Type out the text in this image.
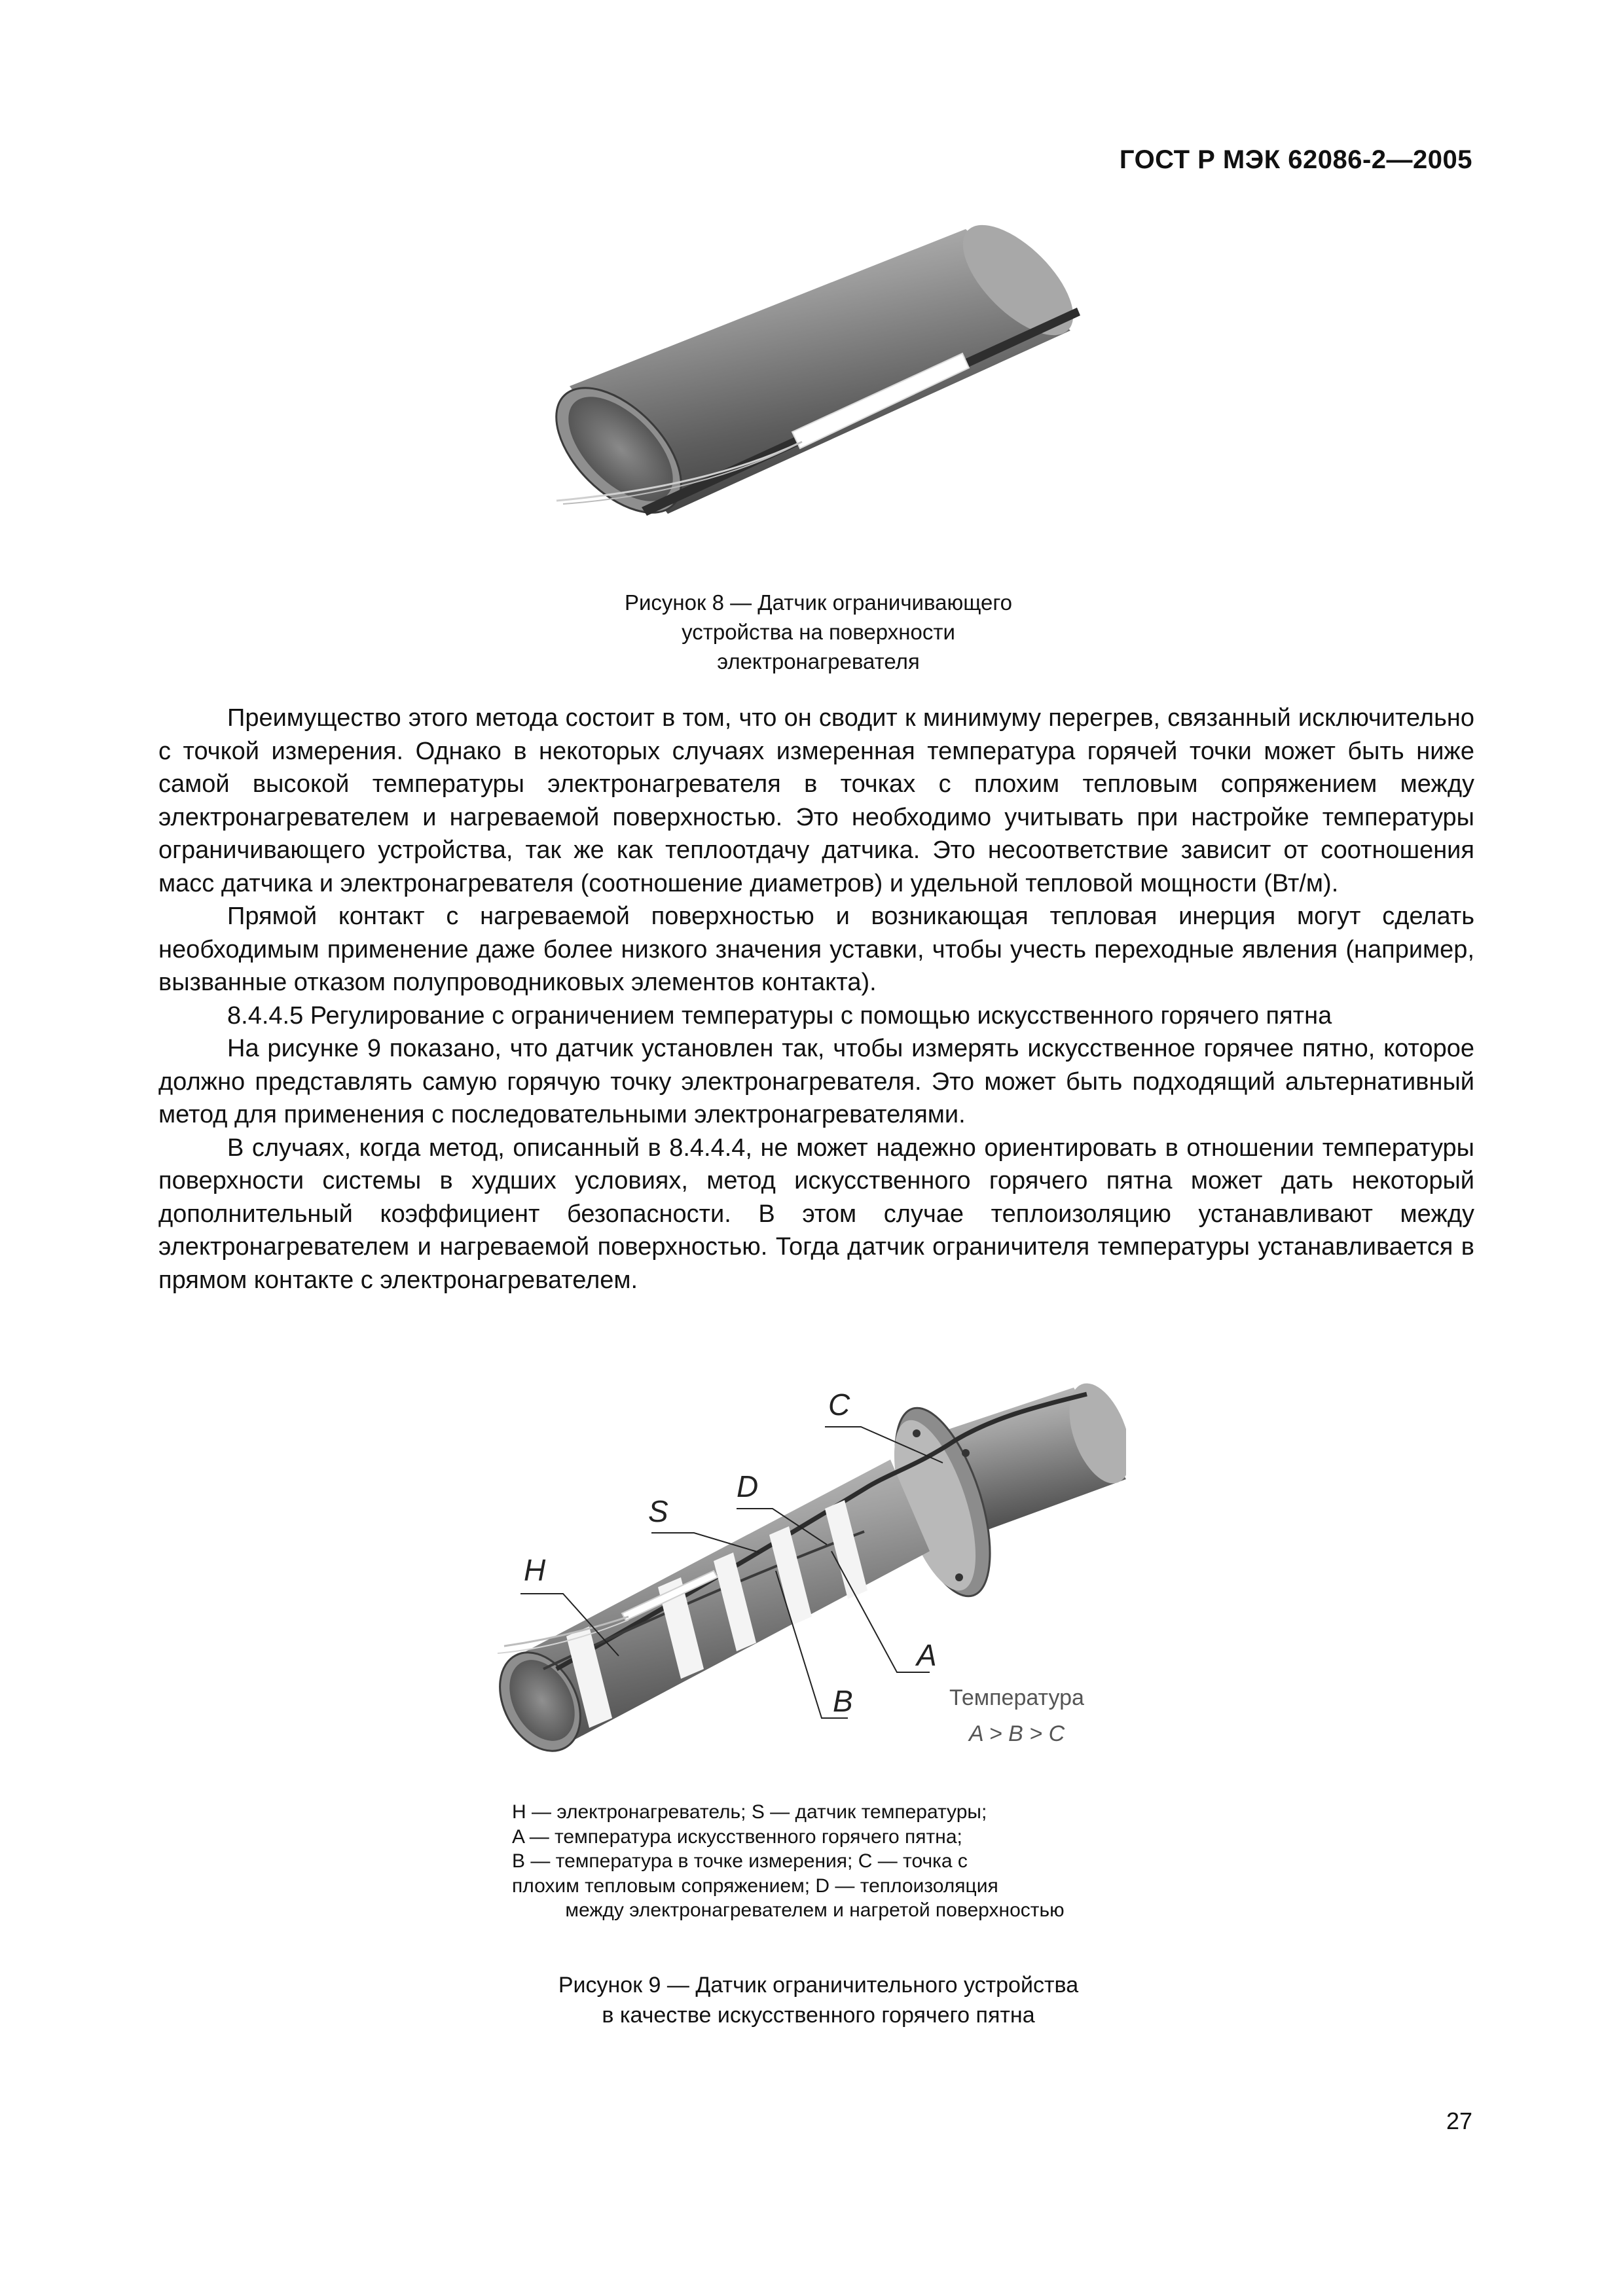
ГОСТ Р МЭК 62086-2—2005
Рисунок 8 — Датчик ограничивающего
устройства на поверхности
электронагревателя

Преимущество этого метода состоит в том, что он сводит к минимуму перегрев, связанный исключительно с точкой измерения. Однако в некоторых случаях измеренная температура горячей точки может быть ниже самой высокой температуры электронагревателя в точках с плохим тепловым сопряжением между электронагревателем и нагреваемой поверхностью. Это необходимо учитывать при настройке температуры ограничивающего устройства, так же как теплоотдачу датчика. Это несоответствие зависит от соотношения масс датчика и электронагревателя (соотношение диаметров) и удельной тепловой мощности (Вт/м).

Прямой контакт с нагреваемой поверхностью и возникающая тепловая инерция могут сделать необходимым применение даже более низкого значения уставки, чтобы учесть переходные явления (например, вызванные отказом полупроводниковых элементов контакта).

8.4.4.5 Регулирование с ограничением температуры с помощью искусственного горячего пятна

На рисунке 9 показано, что датчик установлен так, чтобы измерять искусственное горячее пятно, которое должно представлять самую горячую точку электронагревателя. Это может быть подходящий альтернативный метод для применения с последовательными электронагревателями.

В случаях, когда метод, описанный в 8.4.4.4, не может надежно ориентировать в отношении температуры поверхности системы в худших условиях, метод искусственного горячего пятна может дать некоторый дополнительный коэффициент безопасности. В этом случае теплоизоляцию устанавливают между электронагревателем и нагреваемой поверхностью. Тогда датчик ограничителя температуры устанавливается в прямом контакте с электронагревателем.

H
S
D
C
A
B	Температура
A > B > C
H — электронагреватель; S — датчик температуры;
A — температура искусственного горячего пятна;
B — температура в точке измерения; C — точка с
плохим тепловым сопряжением; D — теплоизоляция
между электронагревателем и нагретой поверхностью
Рисунок 9 — Датчик ограничительного устройства
в качестве искусственного горячего пятна
27
